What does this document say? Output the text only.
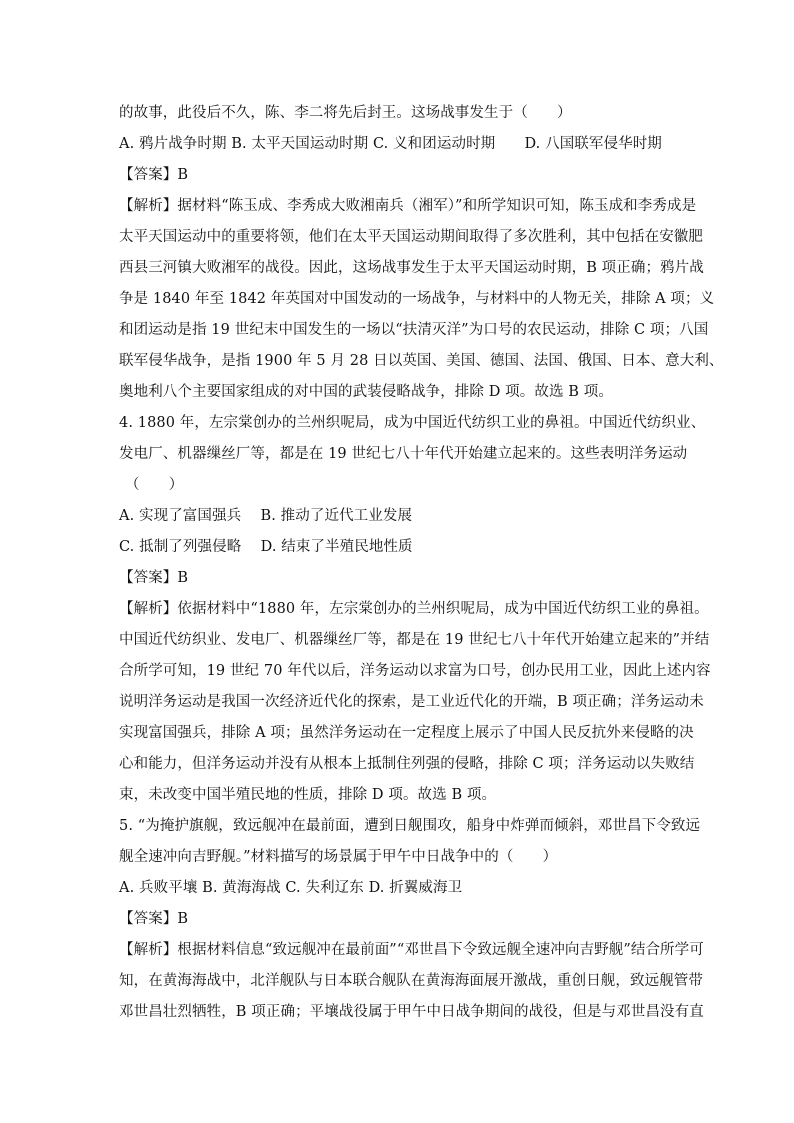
的故事，此役后不久，陈、李二将先后封王。这场战事发生于（　　）
A. 鸦片战争时期 B. 太平天国运动时期 C. 义和团运动时期　　D. 八国联军侵华时期
【答案】B
【解析】据材料“陈玉成、李秀成大败湘南兵（湘军）”和所学知识可知，陈玉成和李秀成是
太平天国运动中的重要将领，他们在太平天国运动期间取得了多次胜利，其中包括在安徽肥
西县三河镇大败湘军的战役。因此，这场战事发生于太平天国运动时期，B 项正确；鸦片战
争是 1840 年至 1842 年英国对中国发动的一场战争，与材料中的人物无关，排除 A 项；义
和团运动是指 19 世纪末中国发生的一场以“扶清灭洋”为口号的农民运动，排除 C 项；八国
联军侵华战争，是指 1900 年 5 月 28 日以英国、美国、德国、法国、俄国、日本、意大利、
奥地利八个主要国家组成的对中国的武装侵略战争，排除 D 项。故选 B 项。
4. 1880 年，左宗棠创办的兰州织呢局，成为中国近代纺织工业的鼻祖。中国近代纺织业、
发电厂、机器缫丝厂等，都是在 19 世纪七八十年代开始建立起来的。这些表明洋务运动
（　　）
A. 实现了富国强兵　 B. 推动了近代工业发展
C. 抵制了列强侵略　 D. 结束了半殖民地性质
【答案】B
【解析】依据材料中“1880 年，左宗棠创办的兰州织呢局，成为中国近代纺织工业的鼻祖。
中国近代纺织业、发电厂、机器缫丝厂等，都是在 19 世纪七八十年代开始建立起来的”并结
合所学可知，19 世纪 70 年代以后，洋务运动以求富为口号，创办民用工业，因此上述内容
说明洋务运动是我国一次经济近代化的探索，是工业近代化的开端，B 项正确；洋务运动未
实现富国强兵，排除 A 项；虽然洋务运动在一定程度上展示了中国人民反抗外来侵略的决
心和能力，但洋务运动并没有从根本上抵制住列强的侵略，排除 C 项；洋务运动以失败结
束，未改变中国半殖民地的性质，排除 D 项。故选 B 项。
5. “为掩护旗舰，致远舰冲在最前面，遭到日舰围攻，船身中炸弹而倾斜，邓世昌下令致远
舰全速冲向吉野舰。”材料描写的场景属于甲午中日战争中的（　　）
A. 兵败平壤 B. 黄海海战 C. 失利辽东 D. 折翼威海卫
【答案】B
【解析】根据材料信息“致远舰冲在最前面”“邓世昌下令致远舰全速冲向吉野舰”结合所学可
知，在黄海海战中，北洋舰队与日本联合舰队在黄海海面展开激战，重创日舰，致远舰管带
邓世昌壮烈牺牲，B 项正确；平壤战役属于甲午中日战争期间的战役，但是与邓世昌没有直
